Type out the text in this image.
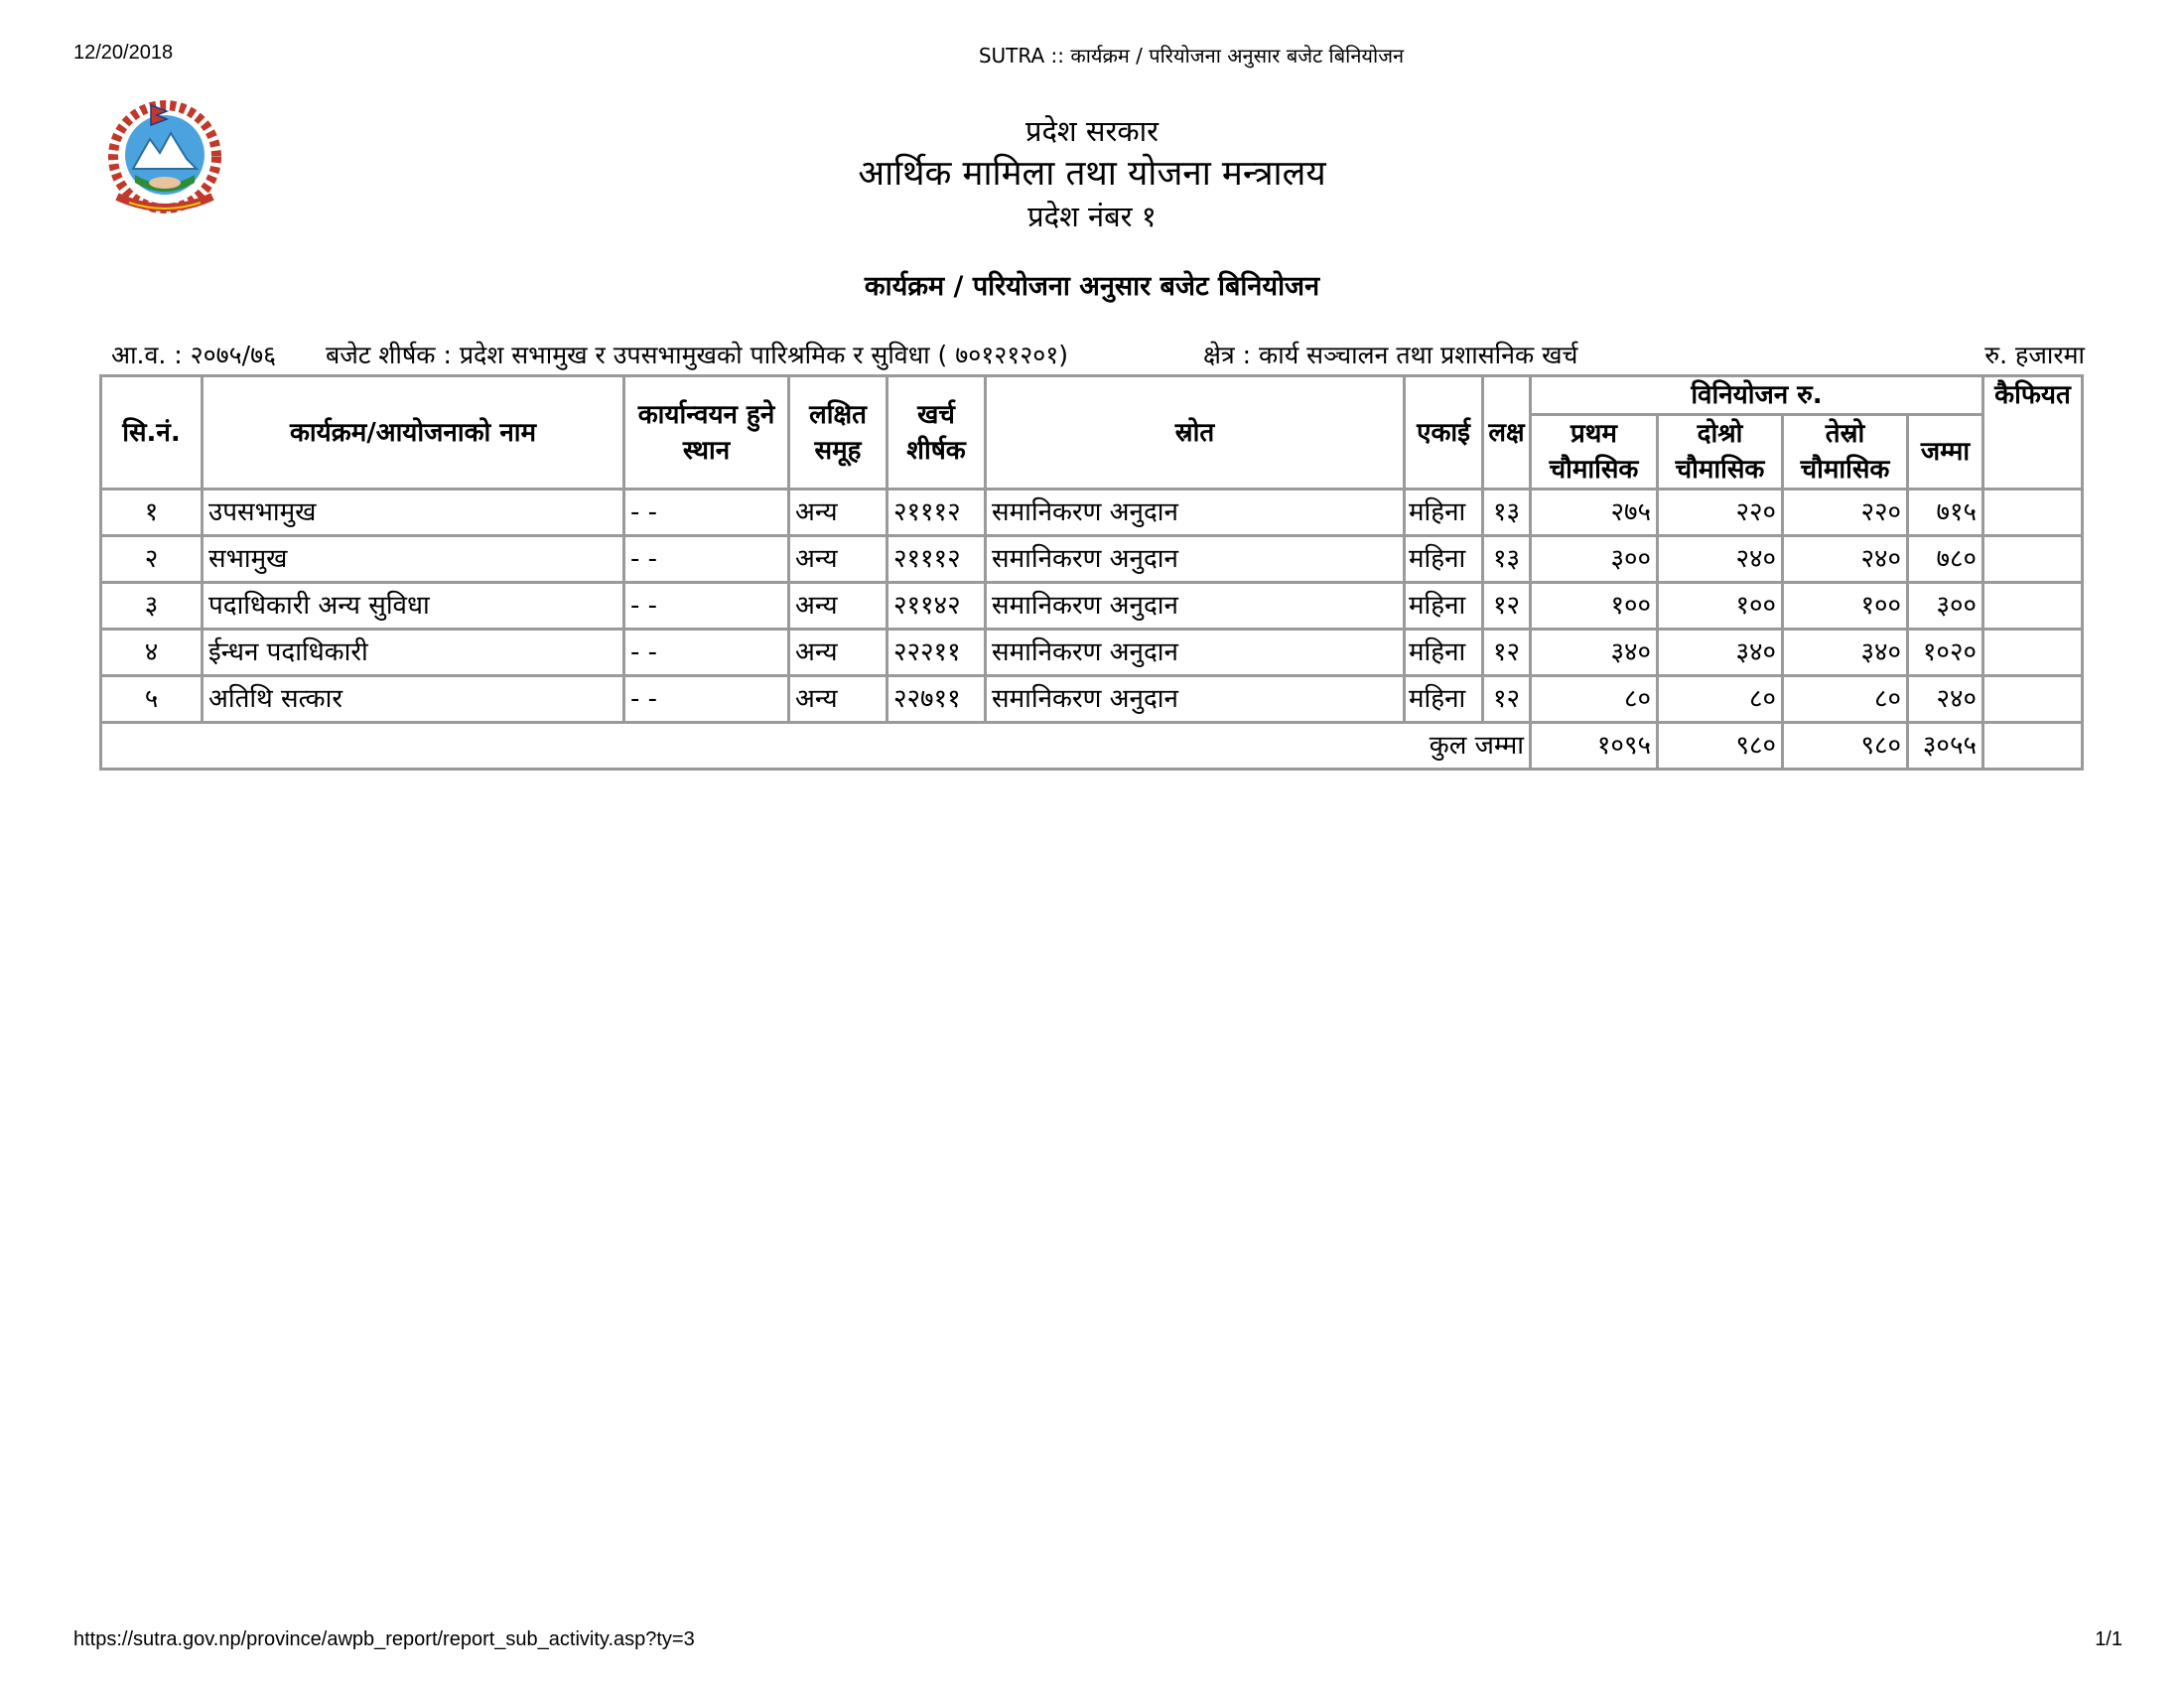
12/20/2018	SUTRA :: कार्यक्रम / परियोजना अनुसार बजेट बिनियोजन
प्रदेश सरकार
आर्थिक मामिला तथा योजना मन्त्रालय
प्रदेश नंबर १
कार्यक्रम / परियोजना अनुसार बजेट बिनियोजन
आ.व. : २०७५/७६ बजेट शीर्षक : प्रदेश सभामुख र उपसभामुखको पारिश्रमिक र सुविधा ( ७०१२१२०१)	क्षेत्र : कार्य सञ्चालन तथा प्रशासनिक खर्च	रु. हजारमा
सि.नं.	कार्यक्रम/आयोजनाको नाम	कार्यान्वयन हुने स्थान	लक्षित समूह	खर्च शीर्षक	स्रोत	एकाई	लक्ष	विनियोजन रु.				कैफियत
								प्रथम चौमासिक	दोश्रो चौमासिक	तेस्रो चौमासिक	जम्मा	
१	उपसभामुख	- -	अन्य	२१११२	समानिकरण अनुदान	महिना	१३	२७५	२२०	२२०	७१५	
२	सभामुख	- -	अन्य	२१११२	समानिकरण अनुदान	महिना	१३	३००	२४०	२४०	७८०	
३	पदाधिकारी अन्य सुविधा	- -	अन्य	२११४२	समानिकरण अनुदान	महिना	१२	१००	१००	१००	३००	
४	ईन्धन पदाधिकारी	- -	अन्य	२२२११	समानिकरण अनुदान	महिना	१२	३४०	३४०	३४०	१०२०	
५	अतिथि सत्कार	- -	अन्य	२२७११	समानिकरण अनुदान	महिना	१२	८०	८०	८०	२४०	
कुल जम्मा								१०९५	९८०	९८०	३०५५	
https://sutra.gov.np/province/awpb_report/report_sub_activity.asp?ty=3	1/1
